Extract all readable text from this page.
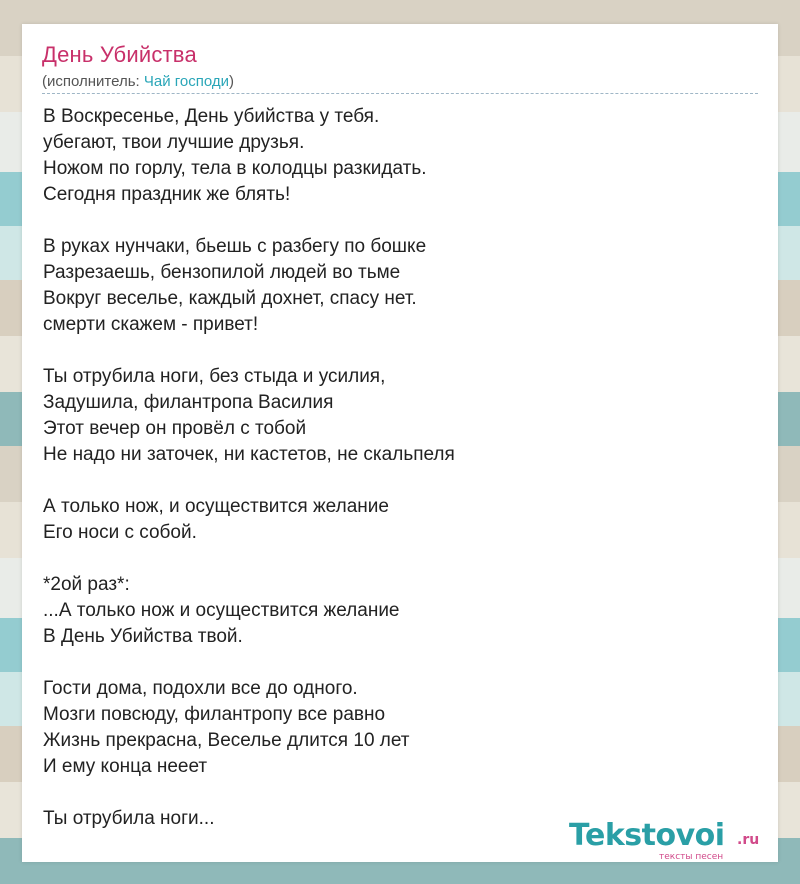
День Убийства
(исполнитель: Чай господи)
В Воскресенье, День убийства у тебя.
убегают, твои лучшие друзья.
Ножом по горлу, тела в колодцы разкидать.
Сегодня праздник же блять!
В руках нунчаки, бьешь с разбегу по бошке
Разрезаешь, бензопилой людей во тьме
Вокруг веселье, каждый дохнет, спасу нет.
смерти скажем - привет!
Ты отрубила ноги, без стыда и усилия,
Задушила, филантропа Василия
Этот вечер он провёл с тобой
Не надо ни заточек, ни кастетов, не скальпеля
А только нож, и осуществится желание
Его носи с собой.
*2ой раз*:
...А только нож и осуществится желание
В День Убийства твой.
Гости дома, подохли все до одного.
Мозги повсюду, филантропу все равно
Жизнь прекрасна, Веселье длится 10 лет
И ему конца нееет
Ты отрубила ноги...	Tekstovoi .ru
тексты песен
